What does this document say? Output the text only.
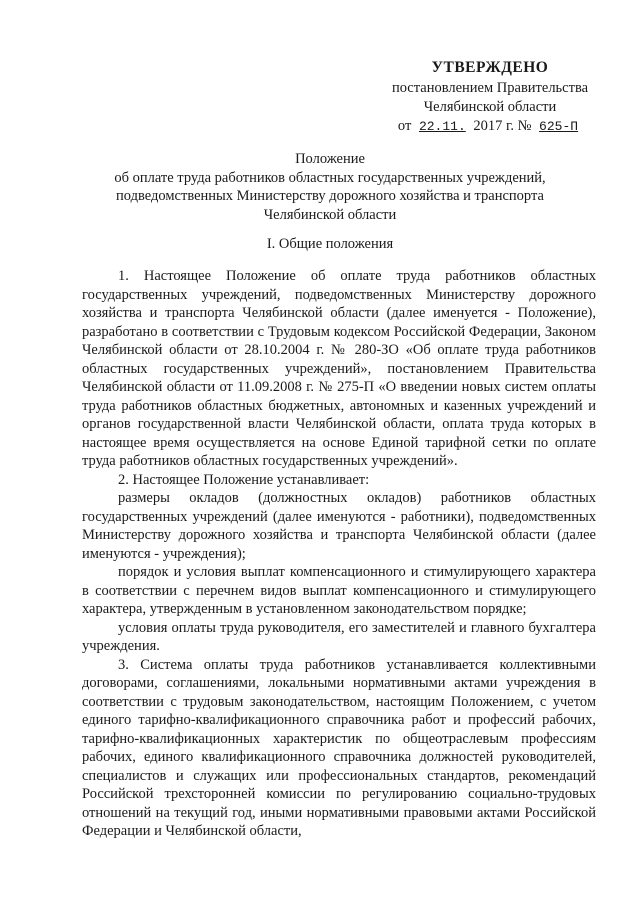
УТВЕРЖДЕНО
постановлением Правительства
Челябинской области
от 22.11. 2017 г. № 625-П
Положение
об оплате труда работников областных государственных учреждений,
подведомственных Министерству дорожного хозяйства и транспорта
Челябинской области
I. Общие положения

1. Настоящее Положение об оплате труда работников областных государственных учреждений, подведомственных Министерству дорожного хозяйства и транспорта Челябинской области (далее именуется - Положение), разработано в соответствии с Трудовым кодексом Российской Федерации, Законом Челябинской области от 28.10.2004 г. № 280-ЗО «Об оплате труда работников областных государственных учреждений», постановлением Правительства Челябинской области от 11.09.2008 г. № 275-П «О введении новых систем оплаты труда работников областных бюджетных, автономных и казенных учреждений и органов государственной власти Челябинской области, оплата труда которых в настоящее время осуществляется на основе Единой тарифной сетки по оплате труда работников областных государственных учреждений».

2. Настоящее Положение устанавливает:

размеры окладов (должностных окладов) работников областных государственных учреждений (далее именуются - работники), подведомственных Министерству дорожного хозяйства и транспорта Челябинской области (далее именуются - учреждения);

порядок и условия выплат компенсационного и стимулирующего характера в соответствии с перечнем видов выплат компенсационного и стимулирующего характера, утвержденным в установленном законодательством порядке;

условия оплаты труда руководителя, его заместителей и главного бухгалтера учреждения.

3. Система оплаты труда работников устанавливается коллективными договорами, соглашениями, локальными нормативными актами учреждения в соответствии с трудовым законодательством, настоящим Положением, с учетом единого тарифно-квалификационного справочника работ и профессий рабочих, тарифно-квалификационных характеристик по общеотраслевым профессиям рабочих, единого квалификационного справочника должностей руководителей, специалистов и служащих или профессиональных стандартов, рекомендаций Российской трехсторонней комиссии по регулированию социально-трудовых отношений на текущий год, иными нормативными правовыми актами Российской Федерации и Челябинской области,
